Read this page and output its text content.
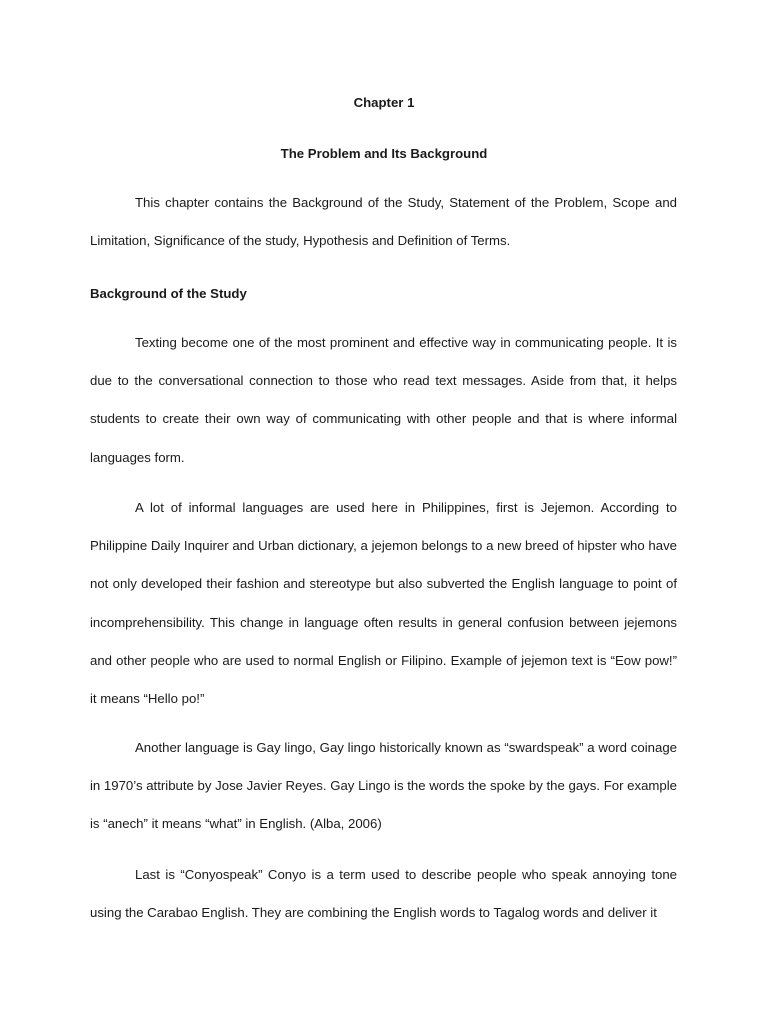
Chapter 1
The Problem and Its Background

This chapter contains the Background of the Study, Statement of the Problem, Scope and Limitation, Significance of the study, Hypothesis and Definition of Terms.

Background of the Study

Texting become one of the most prominent and effective way in communicating people. It is due to the conversational connection to those who read text messages. Aside from that, it helps students to create their own way of communicating with other people and that is where informal languages form.

A lot of informal languages are used here in Philippines, first is Jejemon. According to Philippine Daily Inquirer and Urban dictionary, a jejemon belongs to a new breed of hipster who have not only developed their fashion and stereotype but also subverted the English language to point of incomprehensibility. This change in language often results in general confusion between jejemons and other people who are used to normal English or Filipino. Example of jejemon text is “Eow pow!” it means “Hello po!”

Another language is Gay lingo, Gay lingo historically known as “swardspeak” a word coinage in 1970’s attribute by Jose Javier Reyes. Gay Lingo is the words the spoke by the gays. For example is “anech” it means “what” in English. (Alba, 2006)

Last is “Conyospeak” Conyo is a term used to describe people who speak annoying tone using the Carabao English. They are combining the English words to Tagalog words and deliver it
